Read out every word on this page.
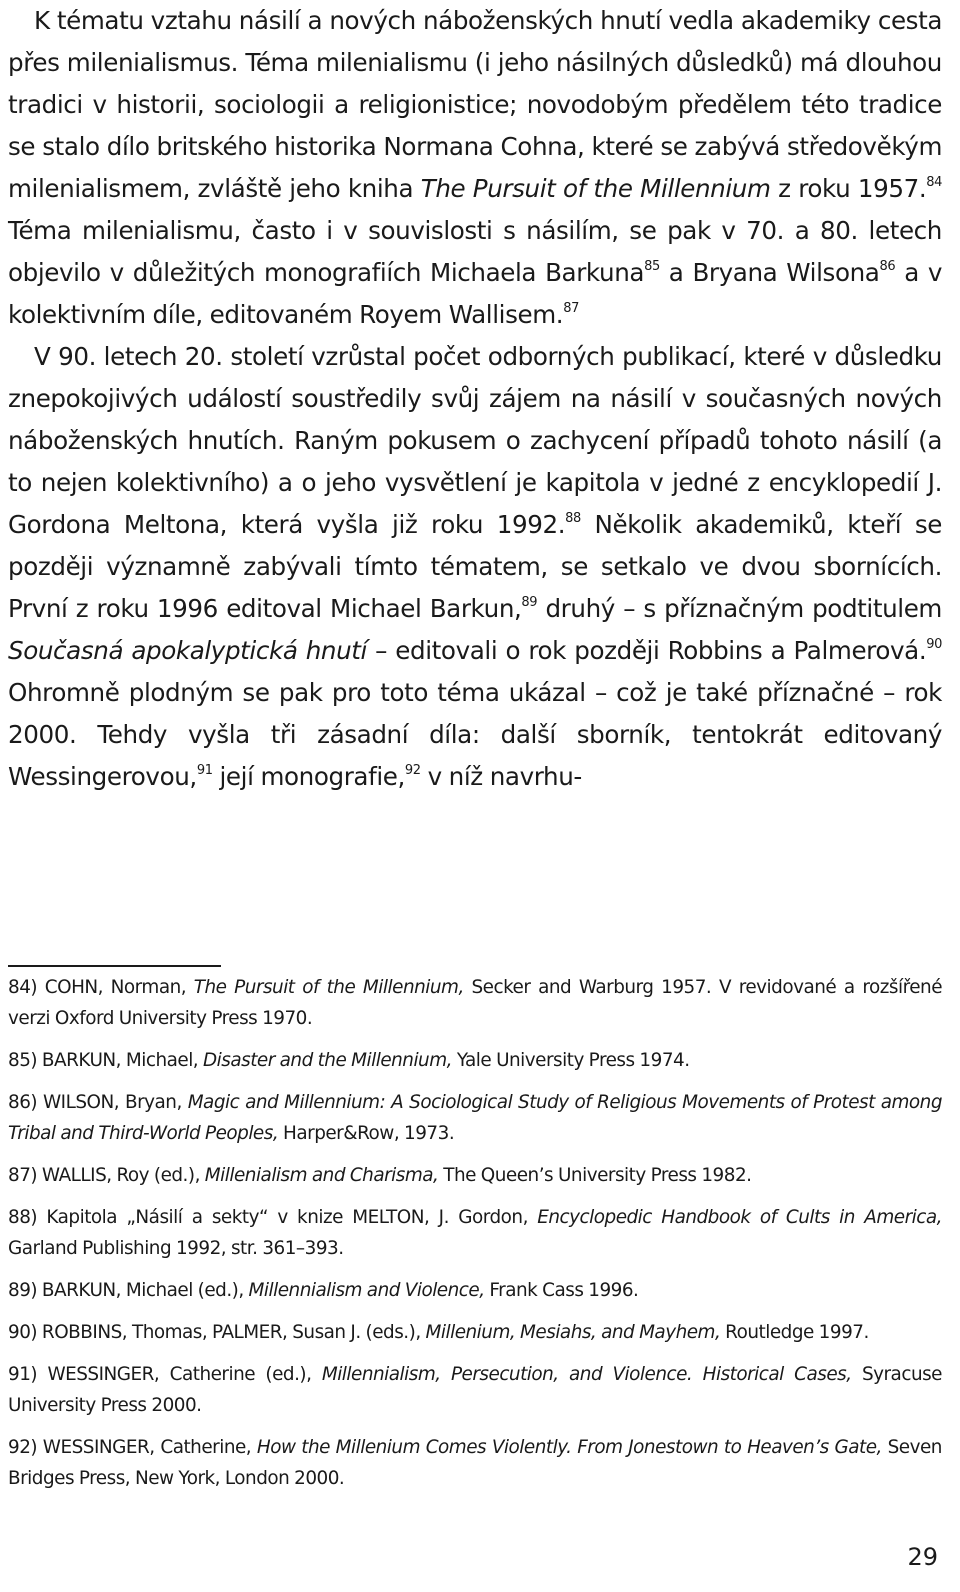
K tématu vztahu násilí a nových náboženských hnutí vedla akademiky cesta přes milenialismus. Téma milenialismu (i jeho násilných důsledků) má dlouhou tradici v historii, sociologii a religionistice; novodobým předělem této tradice se stalo dílo britského historika Normana Cohna, které se zabývá středověkým milenialismem, zvláště jeho kniha The Pursuit of the Millennium z roku 1957.84 Téma milenialismu, často i v souvislosti s násilím, se pak v 70. a 80. letech objevilo v důležitých monografiích Michaela Barkuna$^{85}$ a Bryana Wilsona$^{86}$ a v kolektivním díle, editovaném Royem Wallisem.$^{87}$

V 90. letech 20. století vzrůstal počet odborných publikací, které v důsledku znepokojivých událostí soustředily svůj zájem na násilí v současných nových náboženských hnutích. Raným pokusem o zachycení případů tohoto násilí (a to nejen kolektivního) a o jeho vysvětlení je kapitola v jedné z encyklopedií J. Gordona Meltona, která vyšla již roku 1992.88 Několik akademiků, kteří se později významně zabývali tímto tématem, se setkalo ve dvou sbornících. První z roku 1996 editoval Michael Barkun,$^{89}$ druhý – s příznačným podtitulem Současná apokalyptická hnutí – editovali o rok později Robbins a Palmerová.$^{90}$ Ohromně plodným se pak pro toto téma ukázal – což je také příznačné – rok 2000. Tehdy vyšla tři zásadní díla: další sborník, tentokrát editovaný Wessingerovou,$^{91}$ její monografie,$^{92}$ v níž navrhu-

84) COHN, Norman, The Pursuit of the Millennium, Secker and Warburg 1957. V revidované a rozšířené verzi Oxford University Press 1970.

85) BARKUN, Michael, Disaster and the Millennium, Yale University Press 1974.

86) WILSON, Bryan, Magic and Millennium: A Sociological Study of Religious Movements of Protest among Tribal and Third-World Peoples, Harper&Row, 1973.

87) WALLIS, Roy (ed.), Millenialism and Charisma, The Queen’s University Press 1982.

88) Kapitola „Násilí a sekty“ v knize MELTON, J. Gordon, Encyclopedic Handbook of Cults in America, Garland Publishing 1992, str. 361–393.

89) BARKUN, Michael (ed.), Millennialism and Violence, Frank Cass 1996.

90) ROBBINS, Thomas, PALMER, Susan J. (eds.), Millenium, Mesiahs, and Mayhem, Routledge 1997.

91) WESSINGER, Catherine (ed.), Millennialism, Persecution, and Violence. Historical Cases, Syracuse University Press 2000.

92) WESSINGER, Catherine, How the Millenium Comes Violently. From Jonestown to Heaven’s Gate, Seven Bridges Press, New York, London 2000.

29
